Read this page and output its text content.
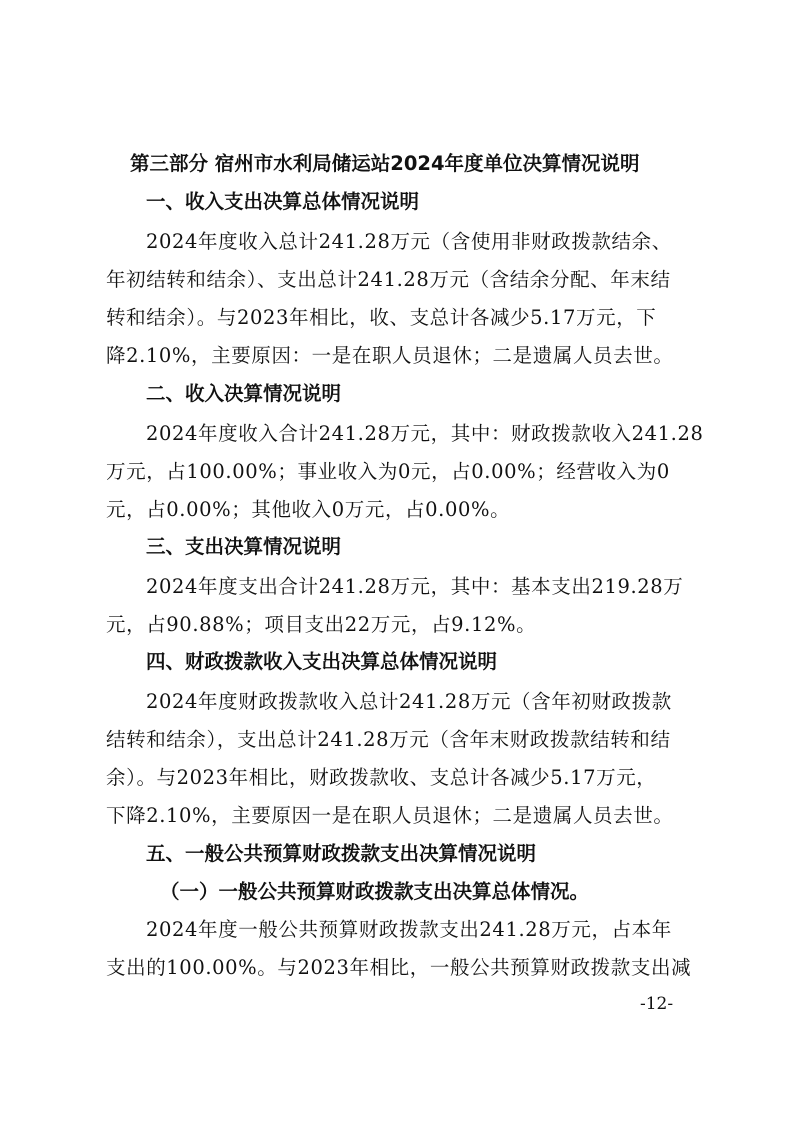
第三部分 宿州市水利局储运站2024年度单位决算情况说明
一、收入支出决算总体情况说明
2024年度收入总计241.28万元（含使用非财政拨款结余、
年初结转和结余）、支出总计241.28万元（含结余分配、年末结
转和结余）。与2023年相比，收、支总计各减少5.17万元，下
降2.10%，主要原因：一是在职人员退休；二是遗属人员去世。
二、收入决算情况说明
2024年度收入合计241.28万元，其中：财政拨款收入241.28
万元，占100.00%；事业收入为0元，占0.00%；经营收入为0
元，占0.00%；其他收入0万元，占0.00%。
三、支出决算情况说明
2024年度支出合计241.28万元，其中：基本支出219.28万
元，占90.88%；项目支出22万元，占9.12%。
四、财政拨款收入支出决算总体情况说明
2024年度财政拨款收入总计241.28万元（含年初财政拨款
结转和结余），支出总计241.28万元（含年末财政拨款结转和结
余）。与2023年相比，财政拨款收、支总计各减少5.17万元，
下降2.10%，主要原因一是在职人员退休；二是遗属人员去世。
五、一般公共预算财政拨款支出决算情况说明
（一）一般公共预算财政拨款支出决算总体情况。
2024年度一般公共预算财政拨款支出241.28万元，占本年
支出的100.00%。与2023年相比，一般公共预算财政拨款支出减
-12-
